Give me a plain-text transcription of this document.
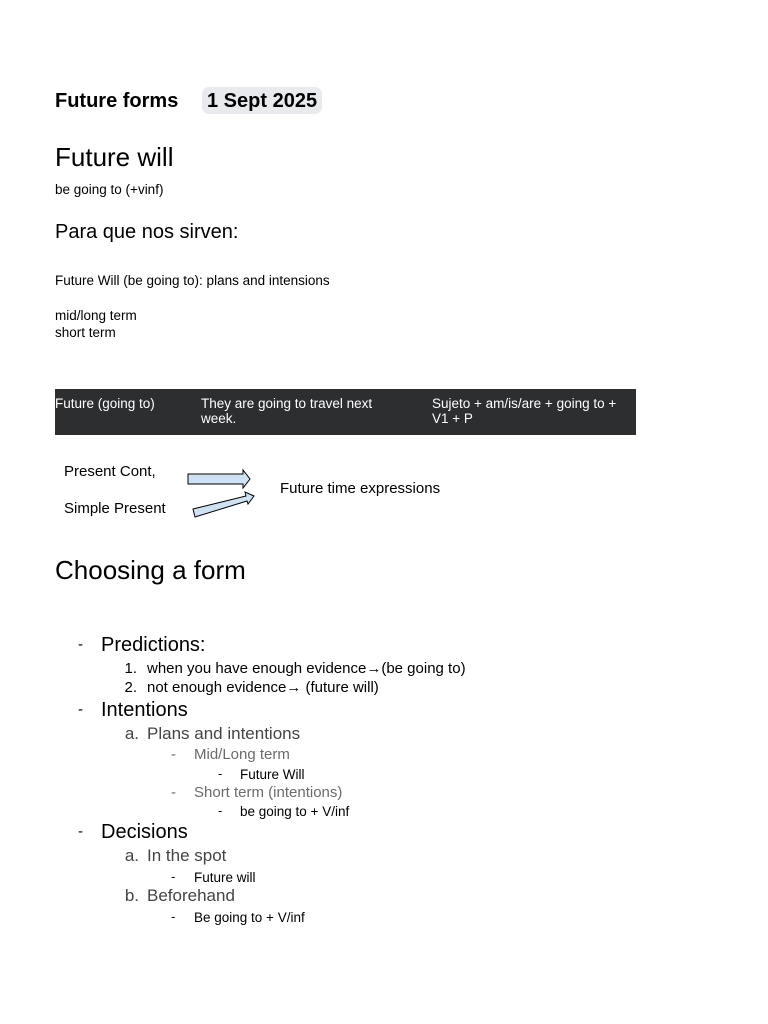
Future forms 1 Sept 2025
Future will

be going to (+vinf)

Para que nos sirven:

Future Will (be going to): plans and intensions

mid/long term

short term

Future (going to)	They are going to travel next week.
Sujeto + am/is/are + going to + V1 + P
Present Cont,
Simple Present
Future time expressions
Choosing a form
- Predictions:
1. when you have enough evidence→(be going to)
2. not enough evidence→ (future will)
- Intentions
a. Plans and intentions
- Mid/Long term
- Future Will
- Short term (intentions)
- be going to + V/inf
- Decisions
a. In the spot
- Future will
b. Beforehand
- Be going to + V/inf
